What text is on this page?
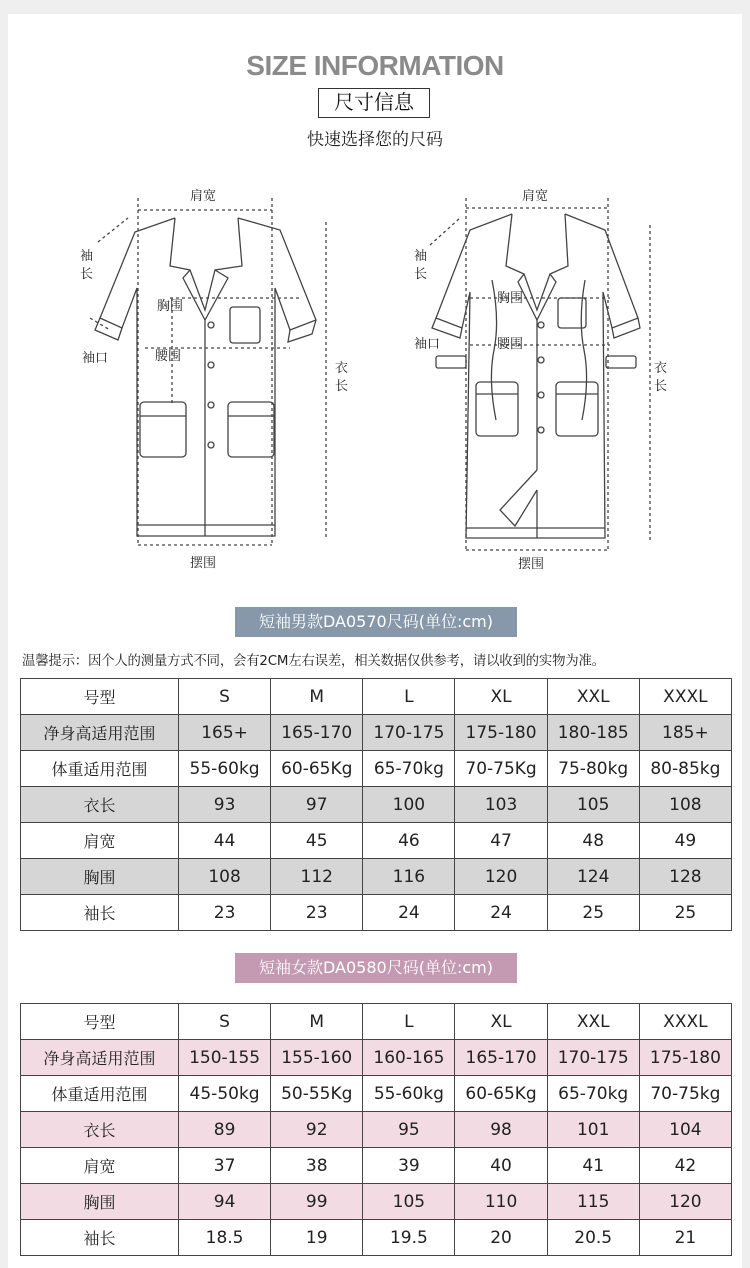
SIZE INFORMATION
尺寸信息
快速选择您的尺码
肩宽
袖
长
胸围
袖口	腰围
衣
长
摆围
肩宽
袖
长
胸围
袖口	腰围
衣
长
摆围
短袖男款DA0570尺码(单位:cm)
温馨提示：因个人的测量方式不同，会有2CM左右误差，相关数据仅供参考，请以收到的实物为准。
号型	S	M	L	XL	XXL	XXXL
净身高适用范围	165+	165-170	170-175	175-180	180-185	185+
体重适用范围	55-60kg	60-65Kg	65-70kg	70-75Kg	75-80kg	80-85kg
衣长	93	97	100	103	105	108
肩宽	44	45	46	47	48	49
胸围	108	112	116	120	124	128
袖长	23	23	24	24	25	25
短袖女款DA0580尺码(单位:cm)
号型	S	M	L	XL	XXL	XXXL
净身高适用范围	150-155	155-160	160-165	165-170	170-175	175-180
体重适用范围	45-50kg	50-55Kg	55-60kg	60-65Kg	65-70kg	70-75kg
衣长	89	92	95	98	101	104
肩宽	37	38	39	40	41	42
胸围	94	99	105	110	115	120
袖长	18.5	19	19.5	20	20.5	21
